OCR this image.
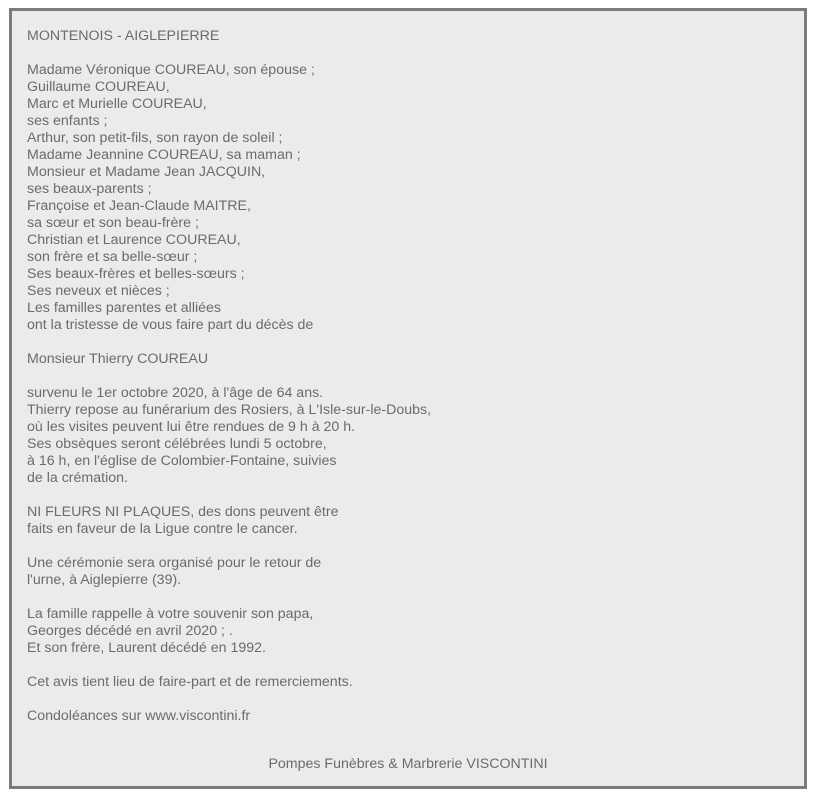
MONTENOIS - AIGLEPIERRE
Madame Véronique COUREAU, son épouse ;
Guillaume COUREAU,
Marc et Murielle COUREAU,
ses enfants ;
Arthur, son petit-fils, son rayon de soleil ;
Madame Jeannine COUREAU, sa maman ;
Monsieur et Madame Jean JACQUIN,
ses beaux-parents ;
Françoise et Jean-Claude MAITRE,
sa sœur et son beau-frère ;
Christian et Laurence COUREAU,
son frère et sa belle-sœur ;
Ses beaux-frères et belles-sœurs ;
Ses neveux et nièces ;
Les familles parentes et alliées
ont la tristesse de vous faire part du décès de
Monsieur Thierry COUREAU
survenu le 1er octobre 2020, à l'âge de 64 ans.
Thierry repose au funérarium des Rosiers, à L'Isle-sur-le-Doubs,
où les visites peuvent lui être rendues de 9 h à 20 h.
Ses obsèques seront célébrées lundi 5 octobre,
à 16 h, en l'église de Colombier-Fontaine, suivies
de la crémation.
NI FLEURS NI PLAQUES, des dons peuvent être
faits en faveur de la Ligue contre le cancer.
Une cérémonie sera organisé pour le retour de
l'urne, à Aiglepierre (39).
La famille rappelle à votre souvenir son papa,
Georges décédé en avril 2020 ; .
Et son frère, Laurent décédé en 1992.
Cet avis tient lieu de faire-part et de remerciements.
Condoléances sur www.viscontini.fr
Pompes Funèbres & Marbrerie VISCONTINI
